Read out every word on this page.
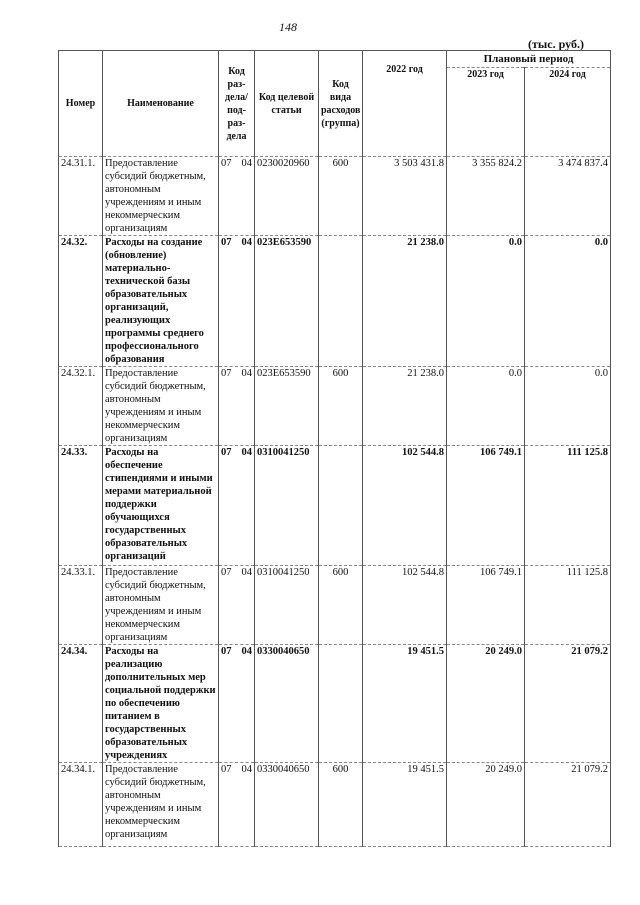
148
(тыс. руб.)
Номер	Наименование	Код раз-дела/ под-раз-дела	Код целевой статьи	Код вида расходов (группа)	2022 год	Плановый период	
						2023 год	2024 год
24.31.1.	Предоставление субсидий бюджетным, автономным учреждениям и иным некоммерческим организациям	07 04	0230020960	600	3 503 431.8	3 355 824.2	3 474 837.4
24.32.	Расходы на создание (обновление) материально-технической базы образовательных организаций, реализующих программы среднего профессионального образования	07 04	023E653590		21 238.0	0.0	0.0
24.32.1.	Предоставление субсидий бюджетным, автономным учреждениям и иным некоммерческим организациям	07 04	023E653590	600	21 238.0	0.0	0.0
24.33.	Расходы на обеспечение стипендиями и иными мерами материальной поддержки обучающихся государственных образовательных организаций	07 04	0310041250		102 544.8	106 749.1	111 125.8
24.33.1.	Предоставление субсидий бюджетным, автономным учреждениям и иным некоммерческим организациям	07 04	0310041250	600	102 544.8	106 749.1	111 125.8
24.34.	Расходы на реализацию дополнительных мер социальной поддержки по обеспечению питанием в государственных образовательных учреждениях	07 04	0330040650		19 451.5	20 249.0	21 079.2
24.34.1.	Предоставление субсидий бюджетным, автономным учреждениям и иным некоммерческим организациям	07 04	0330040650	600	19 451.5	20 249.0	21 079.2
